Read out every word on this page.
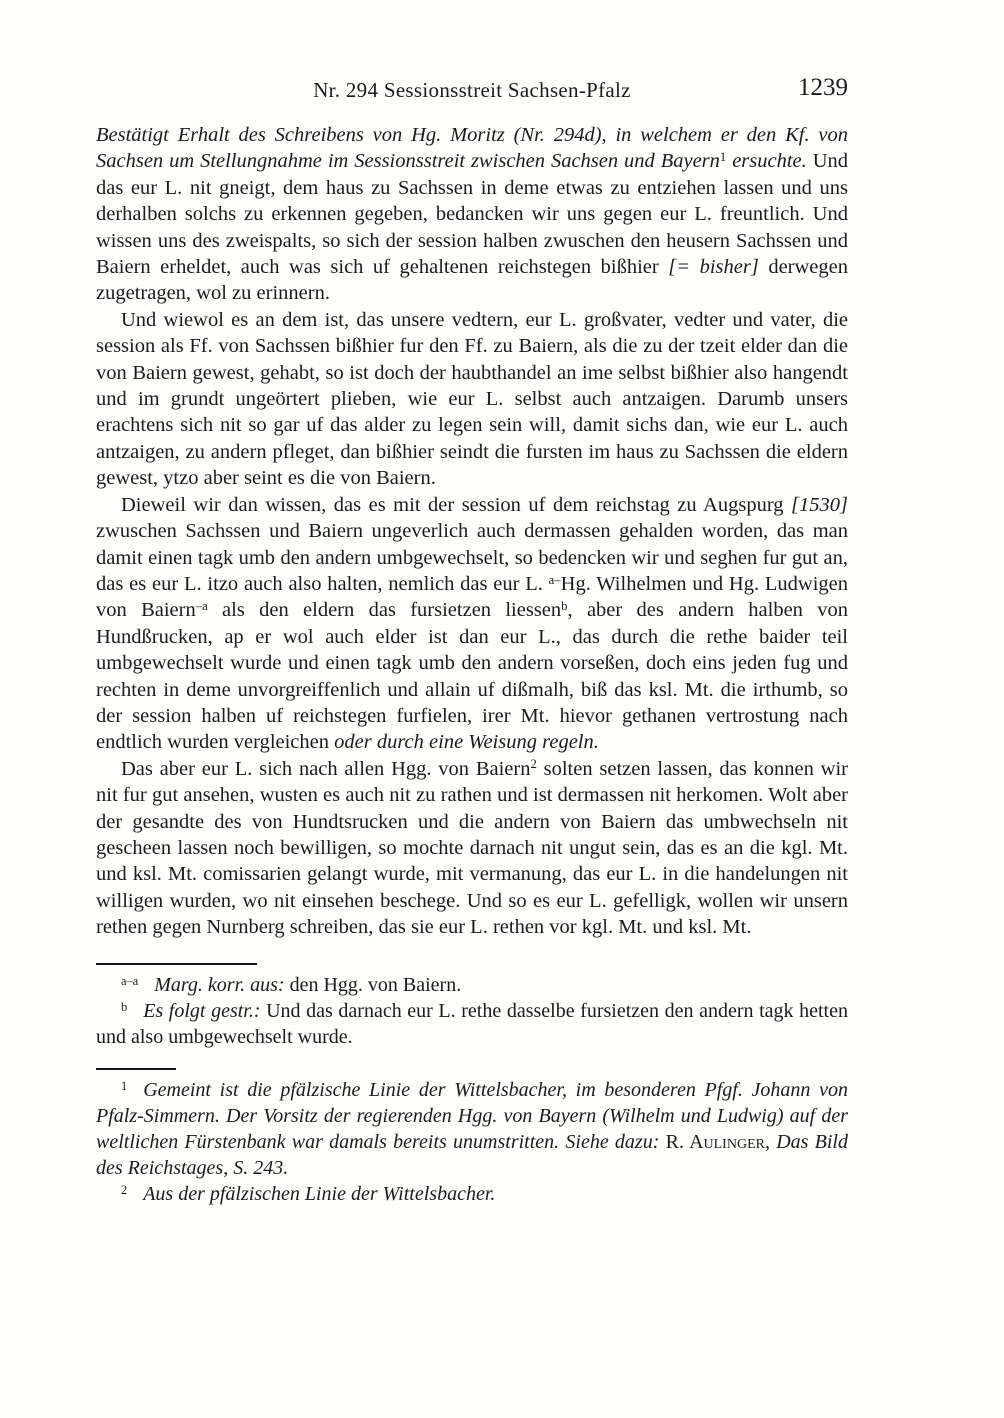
Nr. 294 Sessionsstreit Sachsen-Pfalz	1239

Bestätigt Erhalt des Schreibens von Hg. Moritz (Nr. 294d), in welchem er den Kf. von Sachsen um Stellungnahme im Sessionsstreit zwischen Sachsen und Bayern$^1$ ersuchte. Und das eur L. nit gneigt, dem haus zu Sachssen in deme etwas zu entziehen lassen und uns derhalben solchs zu erkennen gegeben, bedancken wir uns gegen eur L. freuntlich. Und wissen uns des zweispalts, so sich der session halben zwuschen den heusern Sachssen und Baiern erheldet, auch was sich uf gehaltenen reichstegen bißhier [= bisher] derwegen zugetragen, wol zu erinnern.

Und wiewol es an dem ist, das unsere vedtern, eur L. großvater, vedter und vater, die session als Ff. von Sachssen bißhier fur den Ff. zu Baiern, als die zu der tzeit elder dan die von Baiern gewest, gehabt, so ist doch der haubthandel an ime selbst bißhier also hangendt und im grundt ungeörtert plieben, wie eur L. selbst auch antzaigen. Darumb unsers erachtens sich nit so gar uf das alder zu legen sein will, damit sichs dan, wie eur L. auch antzaigen, zu andern pfleget, dan bißhier seindt die fursten im haus zu Sachssen die eldern gewest, ytzo aber seint es die von Baiern.

Dieweil wir dan wissen, das es mit der session uf dem reichstag zu Augspurg [1530] zwuschen Sachssen und Baiern ungeverlich auch dermassen gehalden worden, das man damit einen tagk umb den andern umbgewechselt, so bedencken wir und seghen fur gut an, das es eur L. itzo auch also halten, nemlich das eur L. $^{a-}$Hg. Wilhelmen und Hg. Ludwigen von Baiern$^{-a}$ als den eldern das fursietzen liessen$^b$, aber des andern halben von Hundßrucken, ap er wol auch elder ist dan eur L., das durch die rethe baider teil umbgewechselt wurde und einen tagk umb den andern vorseßen, doch eins jeden fug und rechten in deme unvorgreiffenlich und allain uf dißmalh, biß das ksl. Mt. die irthumb, so der session halben uf reichstegen furfielen, irer Mt. hievor gethanen vertrostung nach endtlich wurden vergleichen oder durch eine Weisung regeln.

Das aber eur L. sich nach allen Hgg. von Baiern$^2$ solten setzen lassen, das konnen wir nit fur gut ansehen, wusten es auch nit zu rathen und ist dermassen nit herkomen. Wolt aber der gesandte des von Hundtsrucken und die andern von Baiern das umbwechseln nit gescheen lassen noch bewilligen, so mochte darnach nit ungut sein, das es an die kgl. Mt. und ksl. Mt. comissarien gelangt wurde, mit vermanung, das eur L. in die handelungen nit willigen wurden, wo nit einsehen beschege. Und so es eur L. gefelligk, wollen wir unsern rethen gegen Nurnberg schreiben, das sie eur L. rethen vor kgl. Mt. und ksl. Mt.

$^{a-a}$ Marg. korr. aus: den Hgg. von Baiern.

$^b$ Es folgt gestr.: Und das darnach eur L. rethe dasselbe fursietzen den andern tagk hetten und also umbgewechselt wurde.

$^1$ Gemeint ist die pfälzische Linie der Wittelsbacher, im besonderen Pfgf. Johann von Pfalz-Simmern. Der Vorsitz der regierenden Hgg. von Bayern (Wilhelm und Ludwig) auf der weltlichen Fürstenbank war damals bereits unumstritten. Siehe dazu: R. Aulinger, Das Bild des Reichstages, S. 243.

$^2$ Aus der pfälzischen Linie der Wittelsbacher.
